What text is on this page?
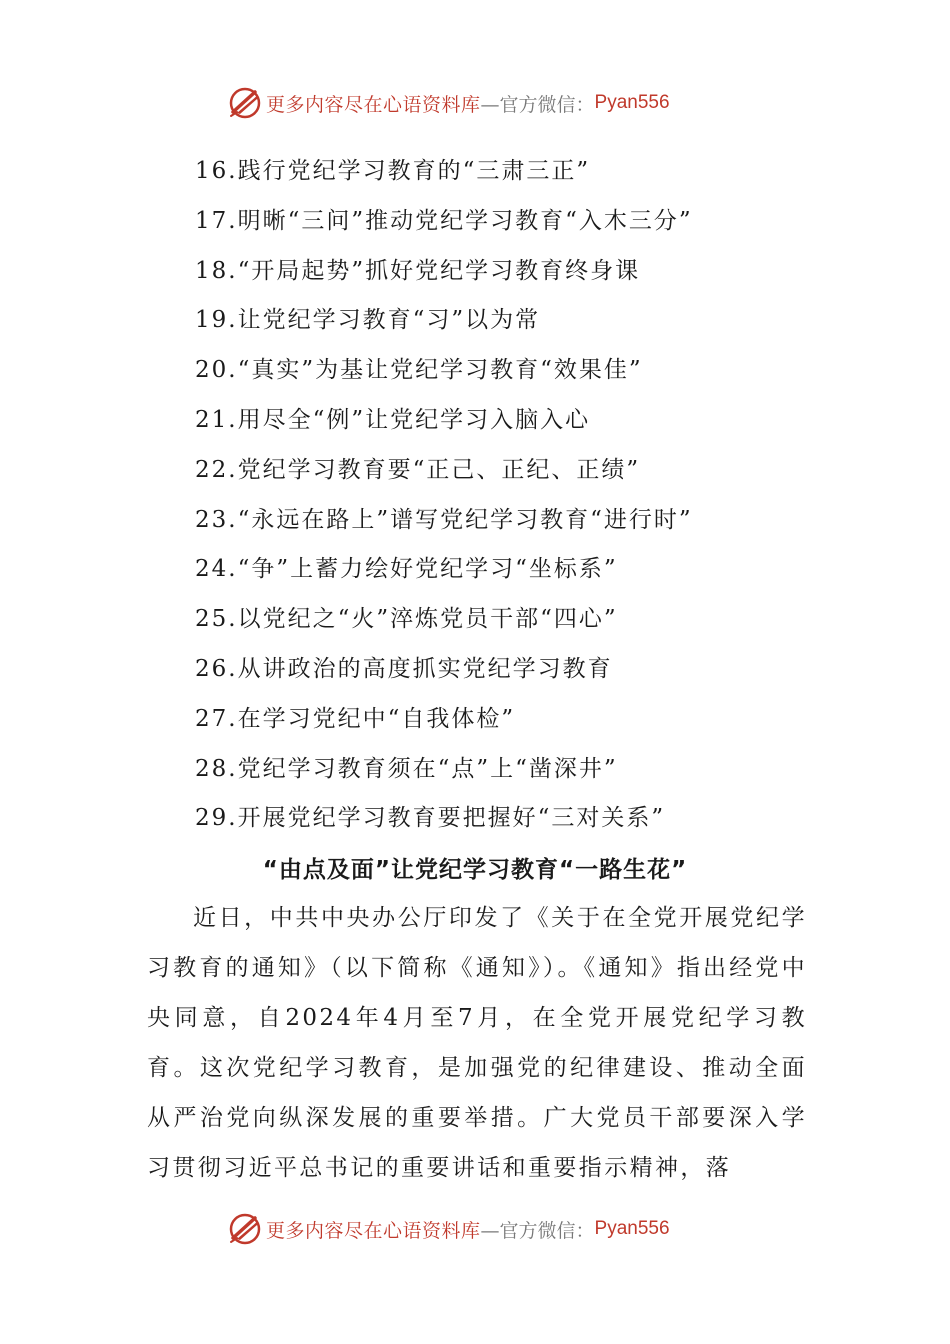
更多内容尽在心语资料库 —官方微信： Pyan556
16.践行党纪学习教育的“三肃三正”
17.明晰“三问”推动党纪学习教育“入木三分”
18.“开局起势”抓好党纪学习教育终身课
19.让党纪学习教育“习”以为常
20.“真实”为基让党纪学习教育“效果佳”
21.用尽全“例”让党纪学习入脑入心
22.党纪学习教育要“正己、正纪、正绩”
23.“永远在路上”谱写党纪学习教育“进行时”
24.“争”上蓄力绘好党纪学习“坐标系”
25.以党纪之“火”淬炼党员干部“四心”
26.从讲政治的高度抓实党纪学习教育
27.在学习党纪中“自我体检”
28.党纪学习教育须在“点”上“凿深井”
29.开展党纪学习教育要把握好“三对关系”
“由点及面”让党纪学习教育“一路生花”

近日，中共中央办公厅印发了《关于在全党开展党纪学习教育的通知》（以下简称《通知》）。《通知》指出经党中央同意，自2024年4月至7月，在全党开展党纪学习教育。这次党纪学习教育，是加强党的纪律建设、推动全面从严治党向纵深发展的重要举措。广大党员干部要深入学习贯彻习近平总书记的重要讲话和重要指示精神，落

更多内容尽在心语资料库 —官方微信： Pyan556
